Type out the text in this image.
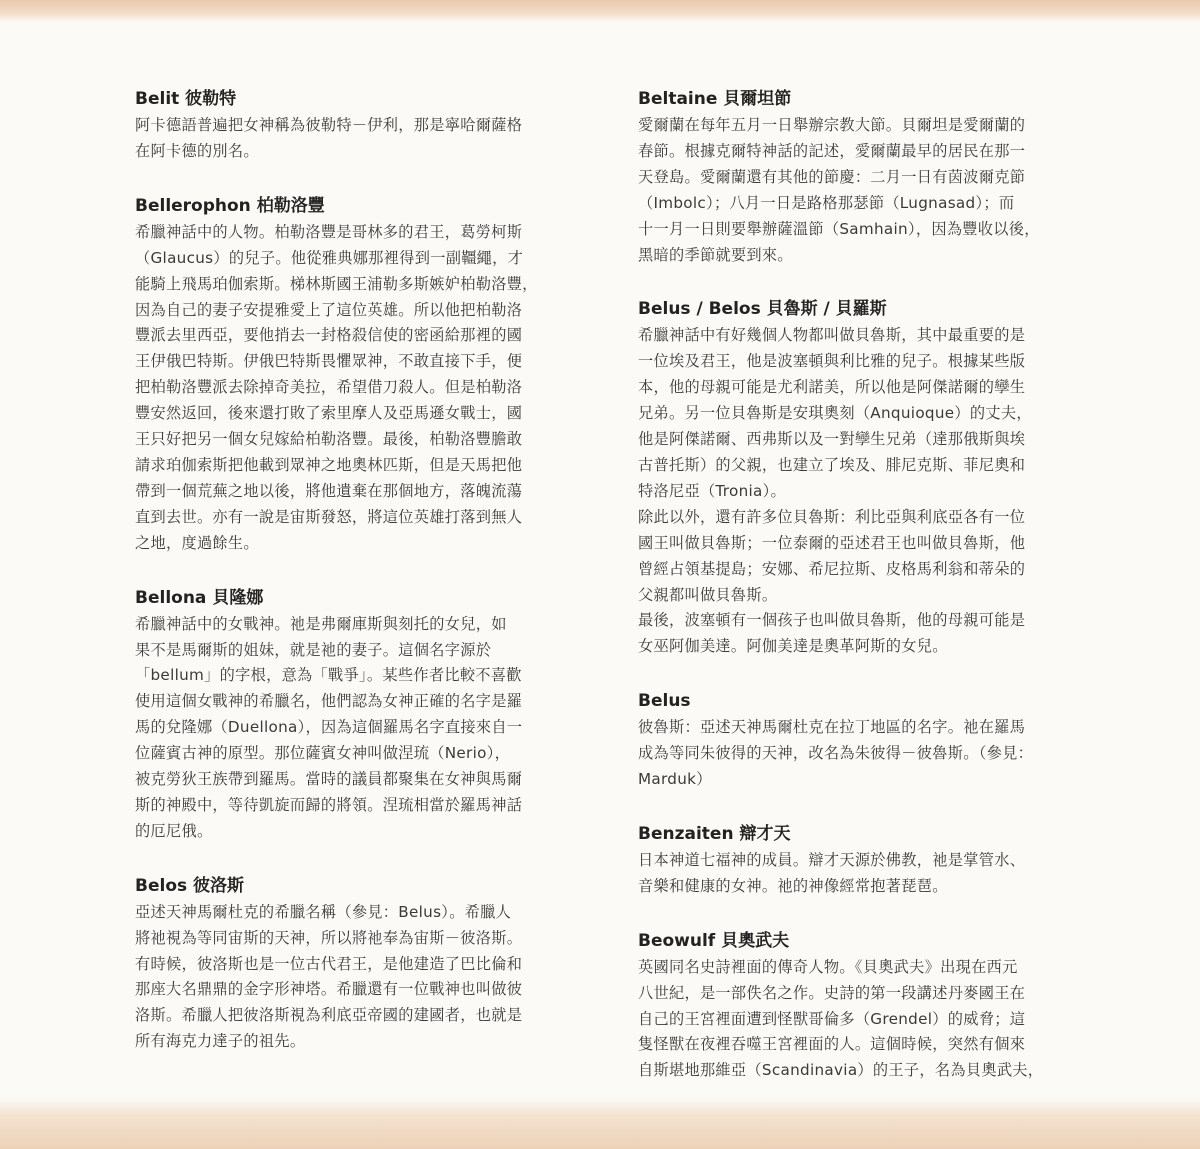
Belit 彼勒特
阿卡德語普遍把女神稱為彼勒特－伊利，那是寧哈爾薩格
在阿卡德的別名。
Bellerophon 柏勒洛豐
希臘神話中的人物。柏勒洛豐是哥林多的君王，葛勞柯斯
（Glaucus）的兒子。他從雅典娜那裡得到一副韁繩，才
能騎上飛馬珀伽索斯。梯林斯國王浦勒多斯嫉妒柏勒洛豐，
因為自己的妻子安提雅愛上了這位英雄。所以他把柏勒洛
豐派去里西亞，要他捎去一封格殺信使的密函給那裡的國
王伊俄巴特斯。伊俄巴特斯畏懼眾神，不敢直接下手，便
把柏勒洛豐派去除掉奇美拉，希望借刀殺人。但是柏勒洛
豐安然返回，後來還打敗了索里摩人及亞馬遜女戰士，國
王只好把另一個女兒嫁給柏勒洛豐。最後，柏勒洛豐膽敢
請求珀伽索斯把他載到眾神之地奧林匹斯，但是天馬把他
帶到一個荒蕪之地以後，將他遺棄在那個地方，落魄流蕩
直到去世。亦有一說是宙斯發怒，將這位英雄打落到無人
之地，度過餘生。
Bellona 貝隆娜
希臘神話中的女戰神。祂是弗爾庫斯與刻托的女兒，如
果不是馬爾斯的姐妹，就是祂的妻子。這個名字源於
「bellum」的字根，意為「戰爭」。某些作者比較不喜歡
使用這個女戰神的希臘名，他們認為女神正確的名字是羅
馬的兌隆娜（Duellona），因為這個羅馬名字直接來自一
位薩賓古神的原型。那位薩賓女神叫做涅琉（Nerio），
被克勞狄王族帶到羅馬。當時的議員都聚集在女神與馬爾
斯的神殿中，等待凱旋而歸的將領。涅琉相當於羅馬神話
的厄尼俄。
Belos 彼洛斯
亞述天神馬爾杜克的希臘名稱（參見：Belus）。希臘人
將祂視為等同宙斯的天神，所以將祂奉為宙斯－彼洛斯。
有時候，彼洛斯也是一位古代君王，是他建造了巴比倫和
那座大名鼎鼎的金字形神塔。希臘還有一位戰神也叫做彼
洛斯。希臘人把彼洛斯視為利底亞帝國的建國者，也就是
所有海克力達子的祖先。
Beltaine 貝爾坦節
愛爾蘭在每年五月一日舉辦宗教大節。貝爾坦是愛爾蘭的
春節。根據克爾特神話的記述，愛爾蘭最早的居民在那一
天登島。愛爾蘭還有其他的節慶：二月一日有茵波爾克節
（Imbolc）；八月一日是路格那瑟節（Lugnasad）；而
十一月一日則要舉辦薩溫節（Samhain），因為豐收以後，
黑暗的季節就要到來。
Belus / Belos 貝魯斯 / 貝羅斯
希臘神話中有好幾個人物都叫做貝魯斯，其中最重要的是
一位埃及君王，他是波塞頓與利比雅的兒子。根據某些版
本，他的母親可能是尤利諾美，所以他是阿傑諾爾的孿生
兄弟。另一位貝魯斯是安琪奧刻（Anquioque）的丈夫，
他是阿傑諾爾、西弗斯以及一對孿生兄弟（達那俄斯與埃
古普托斯）的父親，也建立了埃及、腓尼克斯、菲尼奧和
特洛尼亞（Tronia）。
除此以外，還有許多位貝魯斯：利比亞與利底亞各有一位
國王叫做貝魯斯；一位泰爾的亞述君王也叫做貝魯斯，他
曾經占領基提島；安娜、希尼拉斯、皮格馬利翁和蒂朵的
父親都叫做貝魯斯。
最後，波塞頓有一個孩子也叫做貝魯斯，他的母親可能是
女巫阿伽美達。阿伽美達是奧革阿斯的女兒。
Belus
彼魯斯：亞述天神馬爾杜克在拉丁地區的名字。祂在羅馬
成為等同朱彼得的天神，改名為朱彼得－彼魯斯。（參見：
Marduk）
Benzaiten 辯才天
日本神道七福神的成員。辯才天源於佛教，祂是掌管水、
音樂和健康的女神。祂的神像經常抱著琵琶。
Beowulf 貝奧武夫
英國同名史詩裡面的傳奇人物。《貝奧武夫》出現在西元
八世紀，是一部佚名之作。史詩的第一段講述丹麥國王在
自己的王宮裡面遭到怪獸哥倫多（Grendel）的威脅；這
隻怪獸在夜裡吞噬王宮裡面的人。這個時候，突然有個來
自斯堪地那維亞（Scandinavia）的王子，名為貝奧武夫，
